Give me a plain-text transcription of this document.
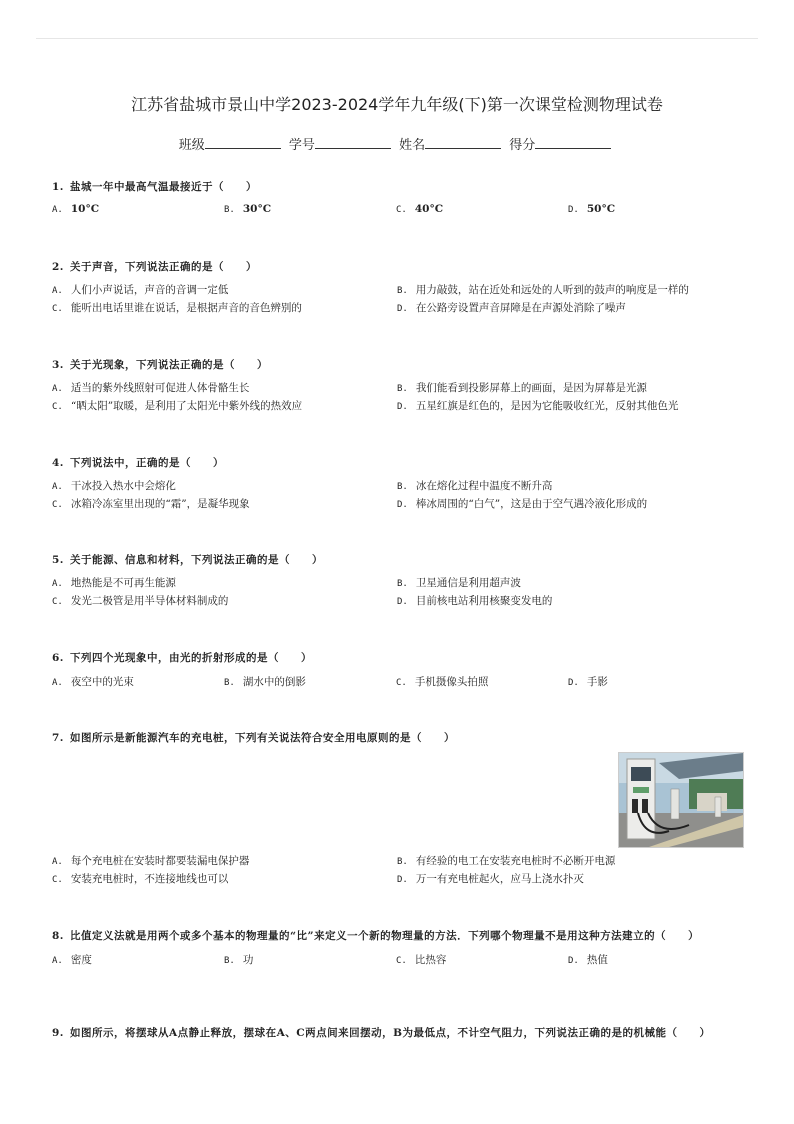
江苏省盐城市景山中学2023-2024学年九年级(下)第一次课堂检测物理试卷
班级	学号	姓名	得分
1. 盐城一年中最高气温最接近于（　　）
A. 10°C	B. 30°C	C. 40°C	D. 50°C
2. 关于声音，下列说法正确的是（　　）
A. 人们小声说话，声音的音调一定低	B. 用力敲鼓，站在近处和远处的人听到的鼓声的响度是一样的
C. 能听出电话里谁在说话，是根据声音的音色辨别的	D. 在公路旁设置声音屏障是在声源处消除了噪声
3. 关于光现象，下列说法正确的是（　　）
A. 适当的紫外线照射可促进人体骨骼生长	B. 我们能看到投影屏幕上的画面，是因为屏幕是光源
C. “晒太阳”取暖，是利用了太阳光中紫外线的热效应	D. 五星红旗是红色的，是因为它能吸收红光，反射其他色光
4. 下列说法中，正确的是（　　）
A. 干冰投入热水中会熔化	B. 冰在熔化过程中温度不断升高
C. 冰箱冷冻室里出现的“霜”，是凝华现象	D. 棒冰周围的“白气”，这是由于空气遇冷液化形成的
5. 关于能源、信息和材料，下列说法正确的是（　　）
A. 地热能是不可再生能源	B. 卫星通信是利用超声波
C. 发光二极管是用半导体材料制成的	D. 目前核电站利用核聚变发电的
6. 下列四个光现象中，由光的折射形成的是（　　）
A. 夜空中的光束	B. 湖水中的倒影	C. 手机摄像头拍照	D. 手影
7. 如图所示是新能源汽车的充电桩，下列有关说法符合安全用电原则的是（　　）
A. 每个充电桩在安装时都要装漏电保护器	B. 有经验的电工在安装充电桩时不必断开电源
C. 安装充电桩时，不连接地线也可以	D. 万一有充电桩起火，应马上浇水扑灭
8. 比值定义法就是用两个或多个基本的物理量的“比”来定义一个新的物理量的方法．下列哪个物理量不是用这种方法建立的（　　）
A. 密度	B. 功	C. 比热容	D. 热值
9. 如图所示，将摆球从A点静止释放，摆球在A、C两点间来回摆动，B为最低点，不计空气阻力，下列说法正确的是的机械能（　　）
